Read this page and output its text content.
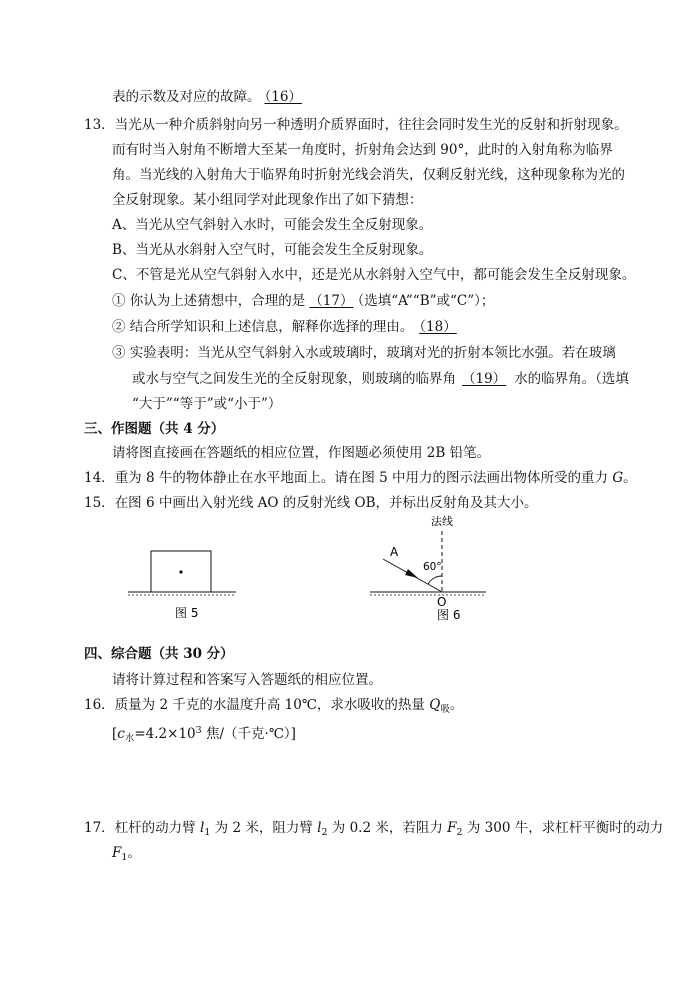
表的示数及对应的故障。 （16）
13．当光从一种介质斜射向另一种透明介质界面时，往往会同时发生光的反射和折射现象。
而有时当入射角不断增大至某一角度时，折射角会达到 90°，此时的入射角称为临界
角。当光线的入射角大于临界角时折射光线会消失，仅剩反射光线，这种现象称为光的
全反射现象。某小组同学对此现象作出了如下猜想：
A、当光从空气斜射入水时，可能会发生全反射现象。
B、当光从水斜射入空气时，可能会发生全反射现象。
C、不管是光从空气斜射入水中，还是光从水斜射入空气中，都可能会发生全反射现象。
① 你认为上述猜想中，合理的是 （17） （选填“A”“B”或“C”）；
② 结合所学知识和上述信息，解释你选择的理由。 （18）
③ 实验表明：当光从空气斜射入水或玻璃时，玻璃对光的折射本领比水强。若在玻璃
或水与空气之间发生光的全反射现象，则玻璃的临界角 （19） 水的临界角。（选填
“大于”“等于”或“小于”）
三、作图题（共 4 分）
请将图直接画在答题纸的相应位置，作图题必须使用 2B 铅笔。
14．重为 8 牛的物体静止在水平地面上。请在图 5 中用力的图示法画出物体所受的重力 G。
15．在图 6 中画出入射光线 AO 的反射光线 OB，并标出反射角及其大小。
图 5
法线
A
60°
O
图 6
四、综合题（共 30 分）
请将计算过程和答案写入答题纸的相应位置。
16．质量为 2 千克的水温度升高 10℃，求水吸收的热量 $Q_吸$。
[$c_水=4.2\times 10^3$ 焦/（千克·℃）]
17．杠杆的动力臂 $l_1$ 为 2 米，阻力臂 $l_2$ 为 0.2 米，若阻力 $F_2$ 为 300 牛，求杠杆平衡时的动力
$F_1$。
